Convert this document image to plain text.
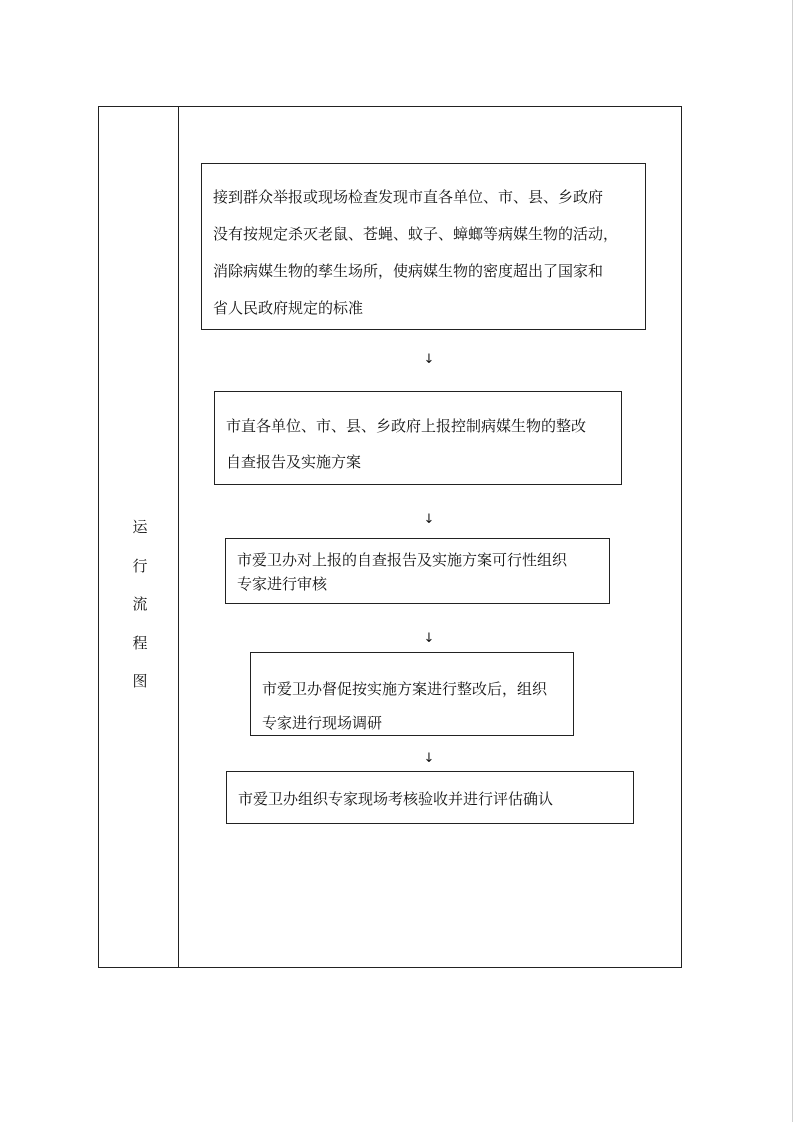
运
行
流
程
图
接到群众举报或现场检查发现市直各单位、市、县、乡政府
没有按规定杀灭老鼠、苍蝇、蚊子、蟑螂等病媒生物的活动，
消除病媒生物的孳生场所，使病媒生物的密度超出了国家和
省人民政府规定的标准
↓
市直各单位、市、县、乡政府上报控制病媒生物的整改
自查报告及实施方案
↓
市爱卫办对上报的自查报告及实施方案可行性组织
专家进行审核
↓
市爱卫办督促按实施方案进行整改后，组织
专家进行现场调研
↓
市爱卫办组织专家现场考核验收并进行评估确认
